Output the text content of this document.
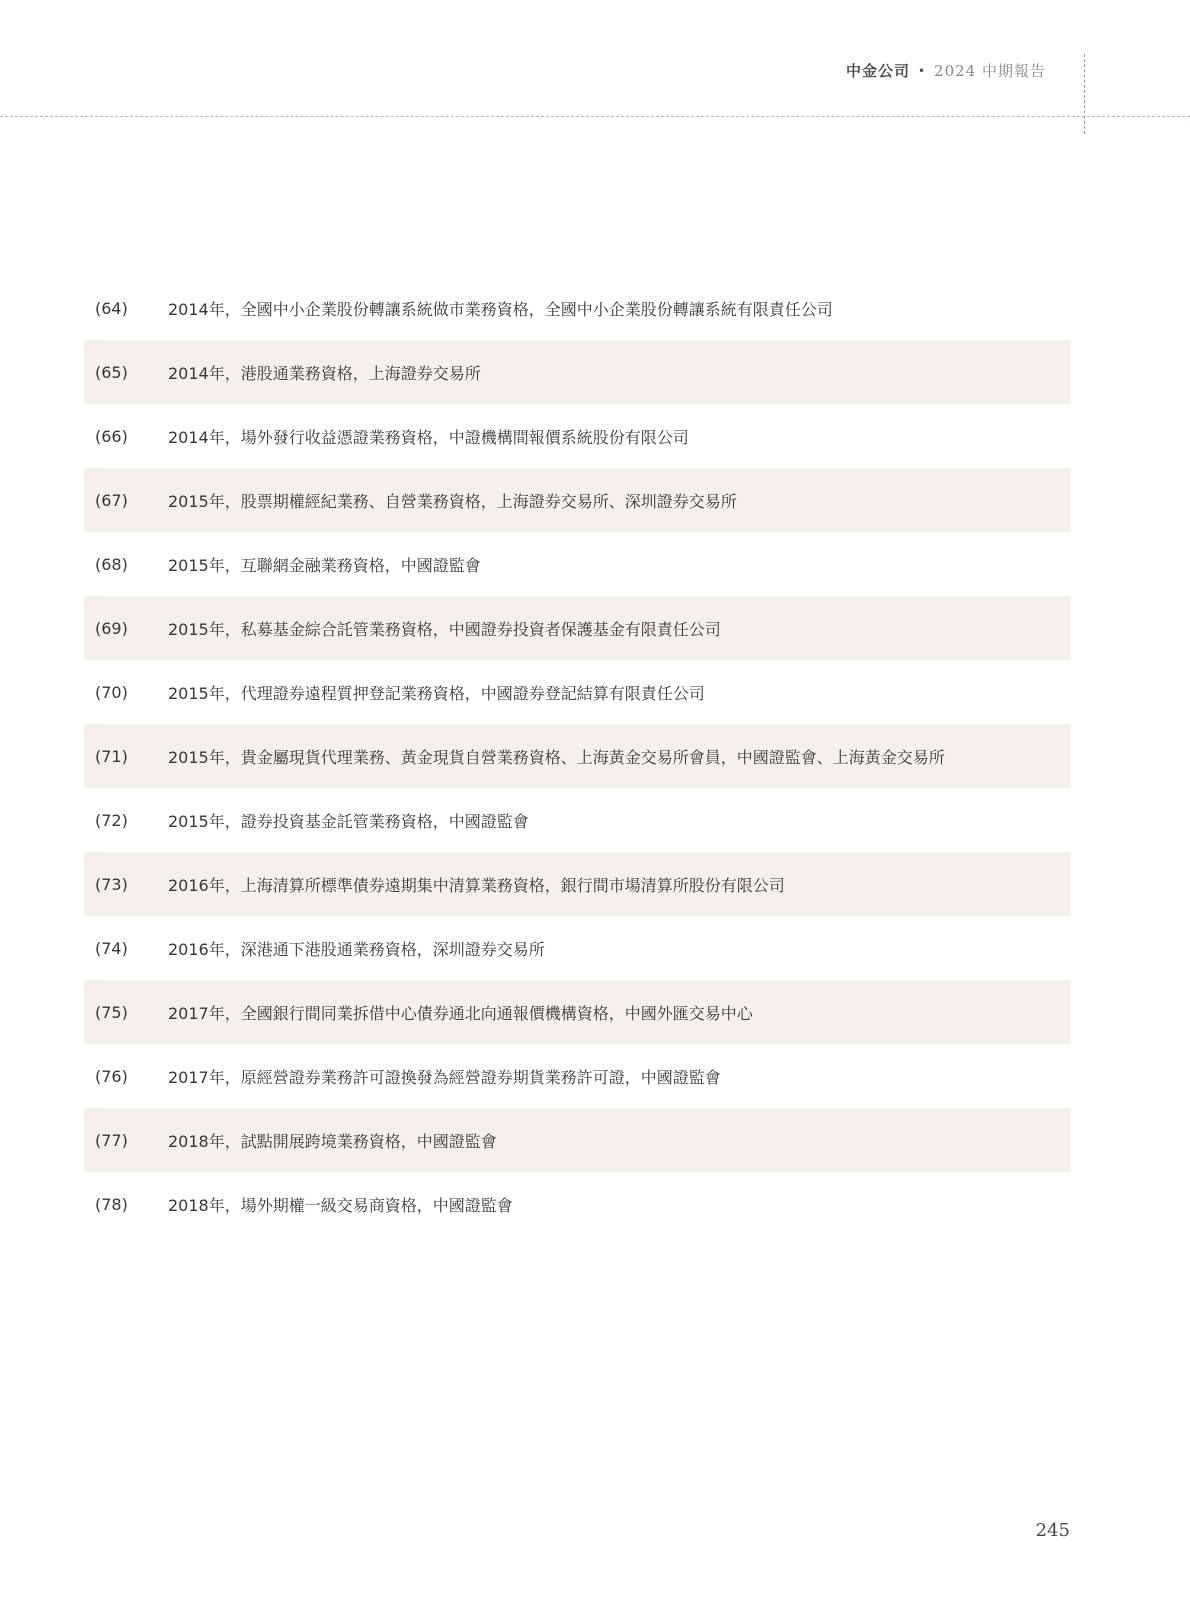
中金公司 • 2024 中期報告
(64)	2014年，全國中小企業股份轉讓系統做市業務資格，全國中小企業股份轉讓系統有限責任公司
(65)	2014年，港股通業務資格，上海證券交易所
(66)	2014年，場外發行收益憑證業務資格，中證機構間報價系統股份有限公司
(67)	2015年，股票期權經紀業務、自營業務資格，上海證券交易所、深圳證券交易所
(68)	2015年，互聯網金融業務資格，中國證監會
(69)	2015年，私募基金綜合託管業務資格，中國證券投資者保護基金有限責任公司
(70)	2015年，代理證券遠程質押登記業務資格，中國證券登記結算有限責任公司
(71)	2015年，貴金屬現貨代理業務、黃金現貨自營業務資格、上海黃金交易所會員，中國證監會、上海黃金交易所
(72)	2015年，證券投資基金託管業務資格，中國證監會
(73)	2016年，上海清算所標準債券遠期集中清算業務資格，銀行間市場清算所股份有限公司
(74)	2016年，深港通下港股通業務資格，深圳證券交易所
(75)	2017年，全國銀行間同業拆借中心債券通北向通報價機構資格，中國外匯交易中心
(76)	2017年，原經營證券業務許可證換發為經營證券期貨業務許可證，中國證監會
(77)	2018年，試點開展跨境業務資格，中國證監會
(78)	2018年，場外期權一級交易商資格，中國證監會
245
